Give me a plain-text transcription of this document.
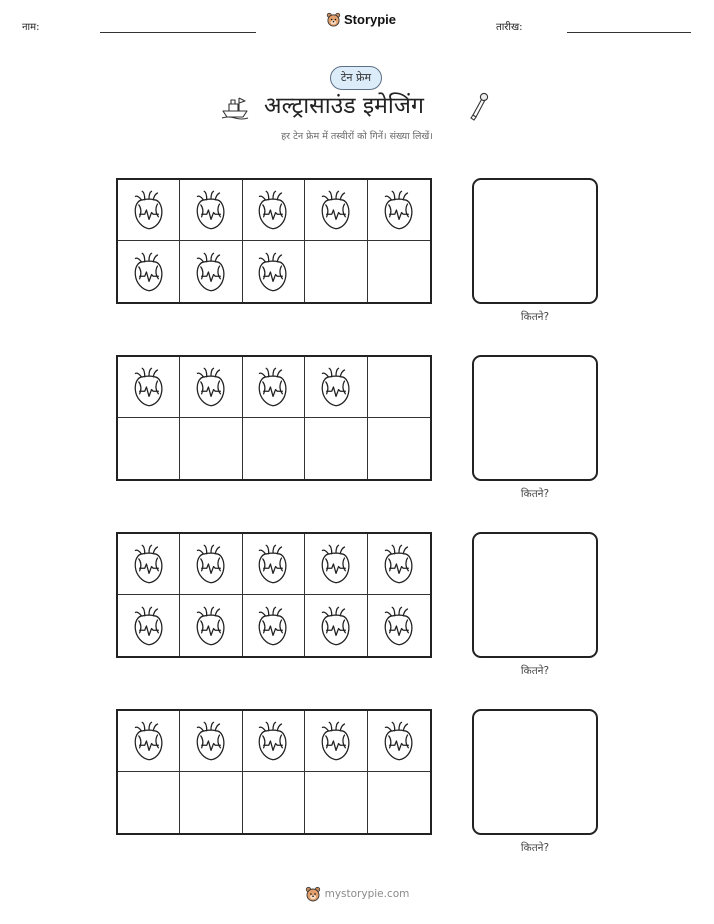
नाम:
Storypie
तारीख:
टेन फ्रेम
अल्ट्रासाउंड इमेजिंग
हर टेन फ्रेम में तस्वीरों को गिनें। संख्या लिखें।
कितने?
कितने?
कितने?
कितने?
mystorypie.com
